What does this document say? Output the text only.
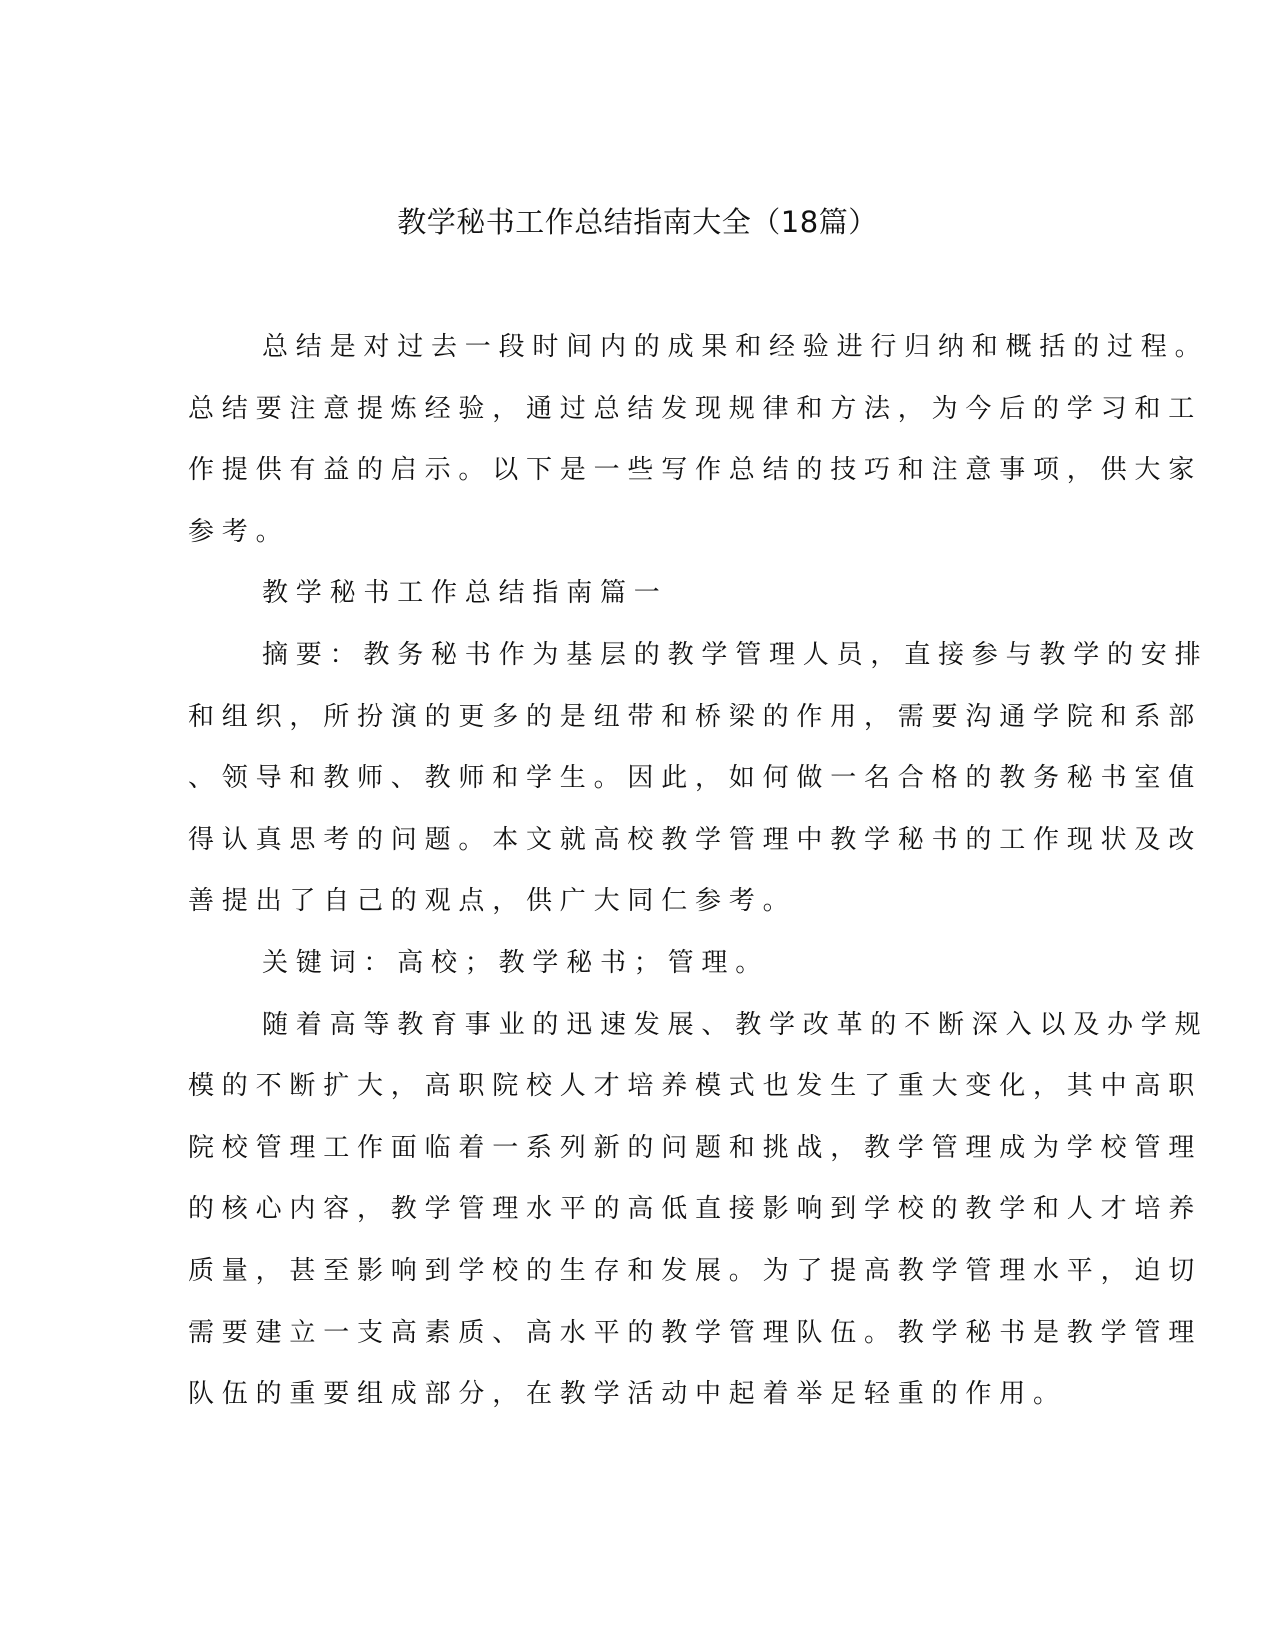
教学秘书工作总结指南大全（18篇）
总结是对过去一段时间内的成果和经验进行归纳和概括的过程。
总结要注意提炼经验，通过总结发现规律和方法，为今后的学习和工
作提供有益的启示。以下是一些写作总结的技巧和注意事项，供大家
参考。
教学秘书工作总结指南篇一
摘要：教务秘书作为基层的教学管理人员，直接参与教学的安排
和组织，所扮演的更多的是纽带和桥梁的作用，需要沟通学院和系部
、领导和教师、教师和学生。因此，如何做一名合格的教务秘书室值
得认真思考的问题。本文就高校教学管理中教学秘书的工作现状及改
善提出了自己的观点，供广大同仁参考。
关键词：高校；教学秘书；管理。
随着高等教育事业的迅速发展、教学改革的不断深入以及办学规
模的不断扩大，高职院校人才培养模式也发生了重大变化，其中高职
院校管理工作面临着一系列新的问题和挑战，教学管理成为学校管理
的核心内容，教学管理水平的高低直接影响到学校的教学和人才培养
质量，甚至影响到学校的生存和发展。为了提高教学管理水平，迫切
需要建立一支高素质、高水平的教学管理队伍。教学秘书是教学管理
队伍的重要组成部分，在教学活动中起着举足轻重的作用。
